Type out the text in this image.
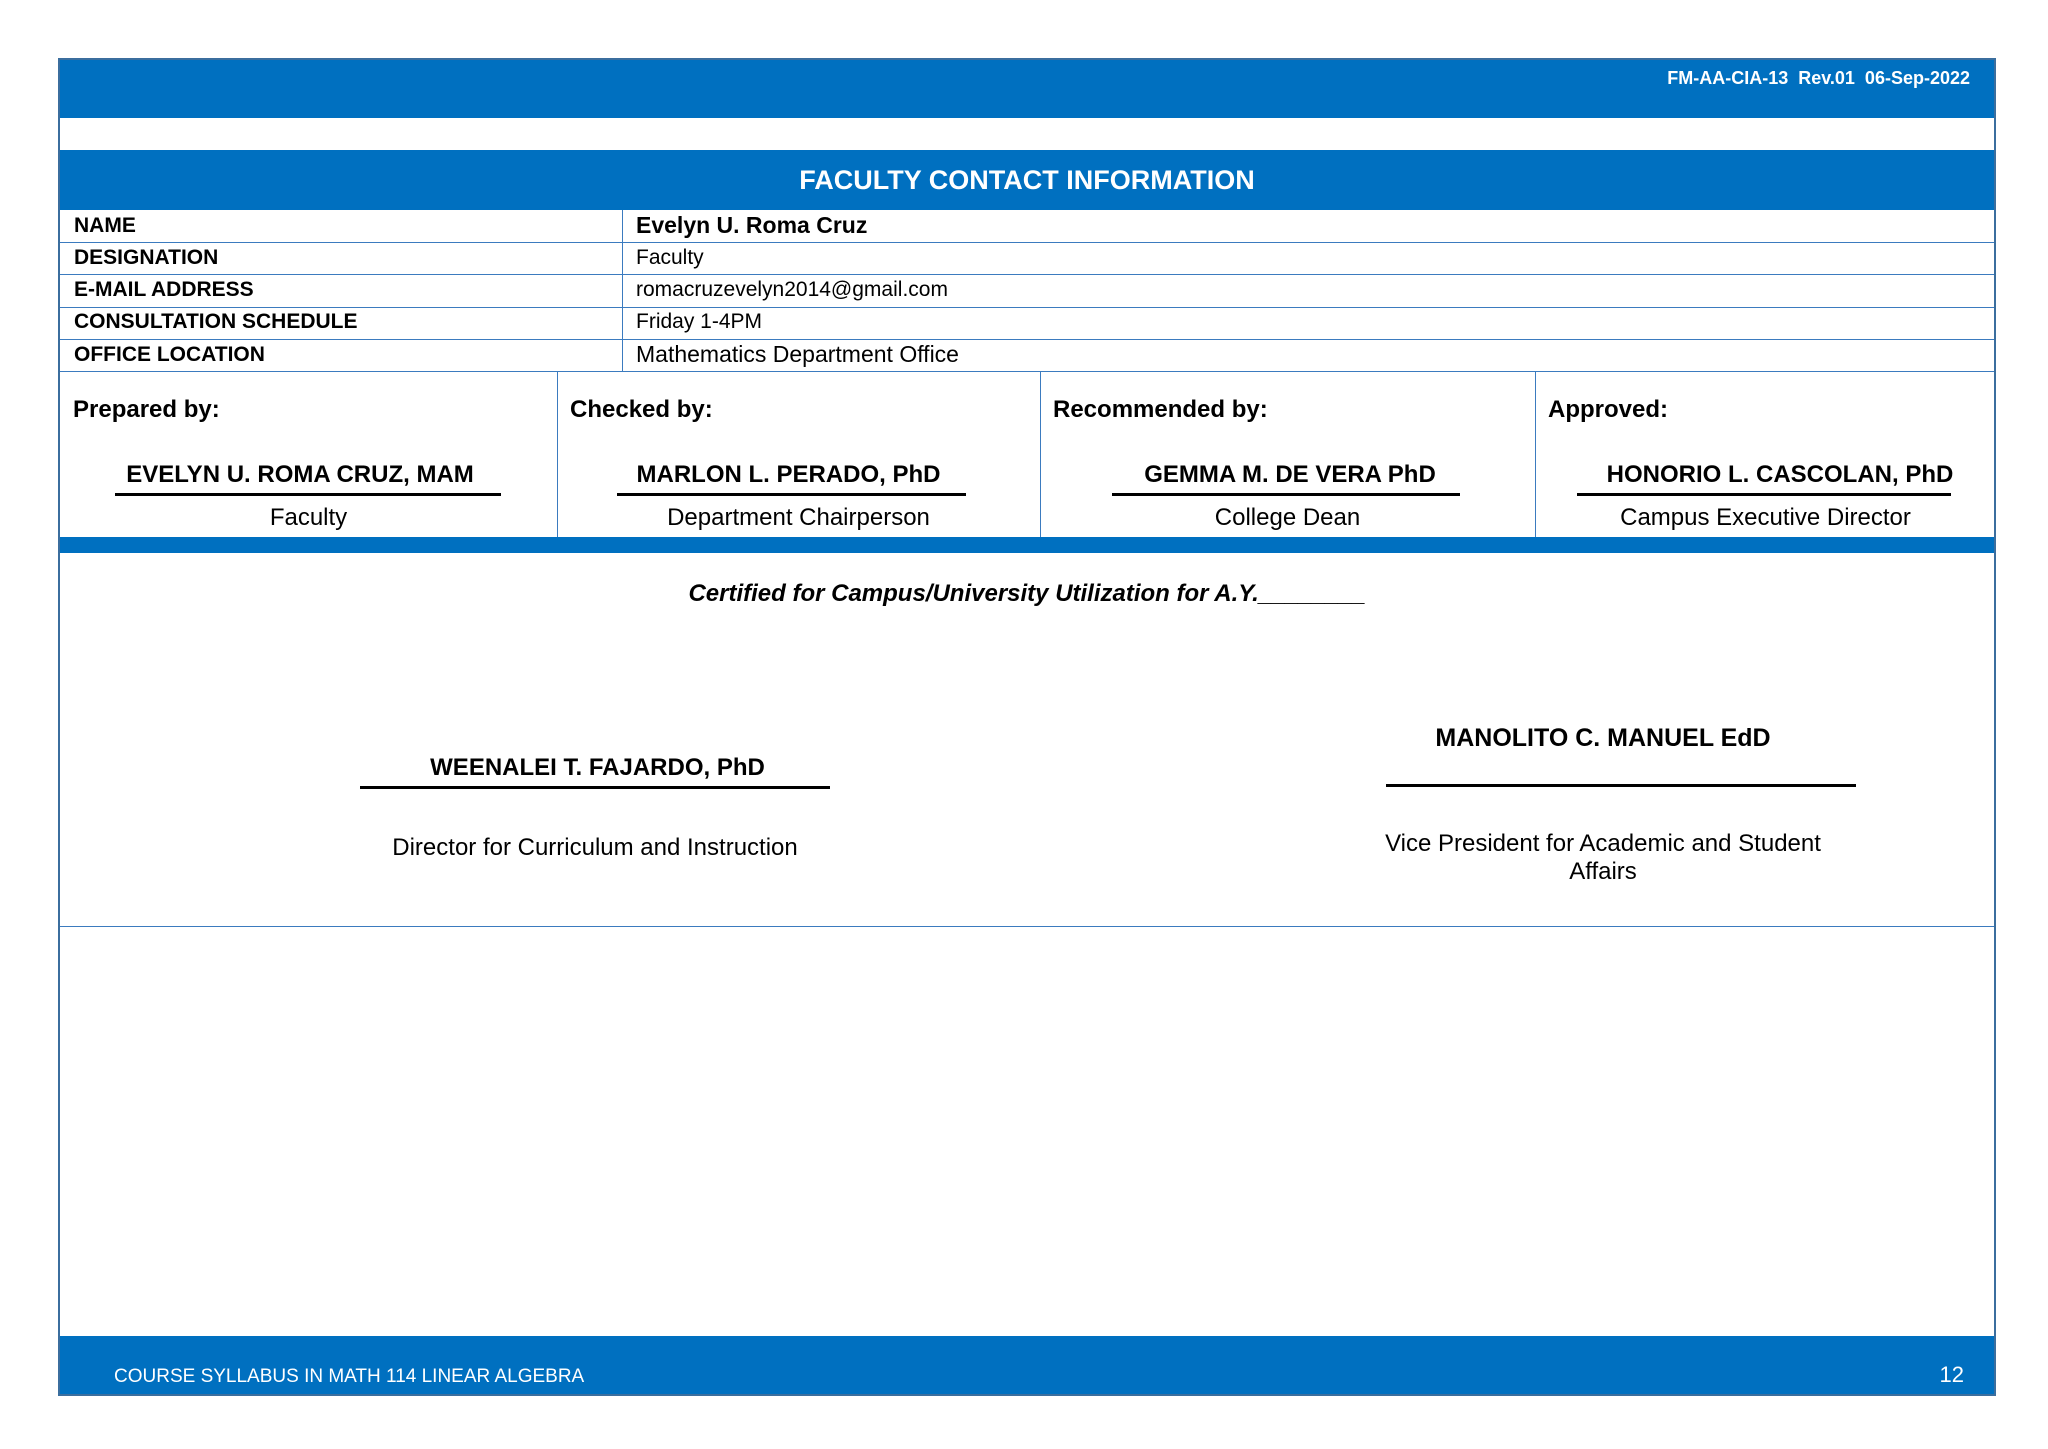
FM-AA-CIA-13  Rev.01  06-Sep-2022
FACULTY CONTACT INFORMATION
NAME	Evelyn U. Roma Cruz
DESIGNATION	Faculty
E-MAIL ADDRESS	romacruzevelyn2014@gmail.com
CONSULTATION SCHEDULE	Friday 1-4PM
OFFICE LOCATION	Mathematics Department Office
Prepared by:
EVELYN U. ROMA CRUZ, MAM
Faculty
Checked by:
MARLON L. PERADO, PhD
Department Chairperson
Recommended by:
GEMMA M. DE VERA PhD
College Dean
Approved:
HONORIO L. CASCOLAN, PhD
Campus Executive Director
Certified for Campus/University Utilization for A.Y.________
WEENALEI T. FAJARDO, PhD
Director for Curriculum and Instruction
MANOLITO C. MANUEL EdD
Vice President for Academic and Student
Affairs
COURSE SYLLABUS IN MATH 114 LINEAR ALGEBRA	12
